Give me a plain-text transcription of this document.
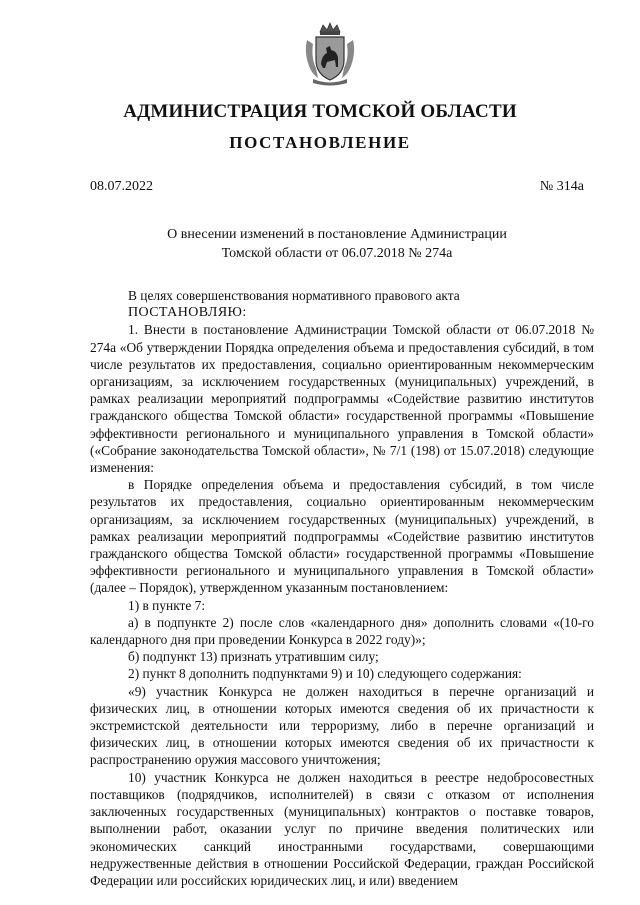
АДМИНИСТРАЦИЯ ТОМСКОЙ ОБЛАСТИ
ПОСТАНОВЛЕНИЕ
08.07.2022	№ 314а
О внесении изменений в постановление Администрации
Томской области от 06.07.2018 № 274а

В целях совершенствования нормативного правового акта

ПОСТАНОВЛЯЮ:

1. Внести в постановление Администрации Томской области от 06.07.2018 № 274а «Об утверждении Порядка определения объема и предоставления субсидий, в том числе результатов их предоставления, социально ориентированным некоммерческим организациям, за исключением государственных (муниципальных) учреждений, в рамках реализации мероприятий подпрограммы «Содействие развитию институтов гражданского общества Томской области» государственной программы «Повышение эффективности регионального и муниципального управления в Томской области» («Собрание законодательства Томской области», № 7/1 (198) от 15.07.2018) следующие изменения:

в Порядке определения объема и предоставления субсидий, в том числе результатов их предоставления, социально ориентированным некоммерческим организациям, за исключением государственных (муниципальных) учреждений, в рамках реализации мероприятий подпрограммы «Содействие развитию институтов гражданского общества Томской области» государственной программы «Повышение эффективности регионального и муниципального управления в Томской области» (далее – Порядок), утвержденном указанным постановлением:

1) в пункте 7:

а) в подпункте 2) после слов «календарного дня» дополнить словами «(10-го календарного дня при проведении Конкурса в 2022 году)»;

б) подпункт 13) признать утратившим силу;

2) пункт 8 дополнить подпунктами 9) и 10) следующего содержания:

«9) участник Конкурса не должен находиться в перечне организаций и физических лиц, в отношении которых имеются сведения об их причастности к экстремистской деятельности или терроризму, либо в перечне организаций и физических лиц, в отношении которых имеются сведения об их причастности к распространению оружия массового уничтожения;

10) участник Конкурса не должен находиться в реестре недобросовестных поставщиков (подрядчиков, исполнителей) в связи с отказом от исполнения заключенных государственных (муниципальных) контрактов о поставке товаров, выполнении работ, оказании услуг по причине введения политических или экономических санкций иностранными государствами, совершающими недружественные действия в отношении Российской Федерации, граждан Российской Федерации или российских юридических лиц, и или) введением
